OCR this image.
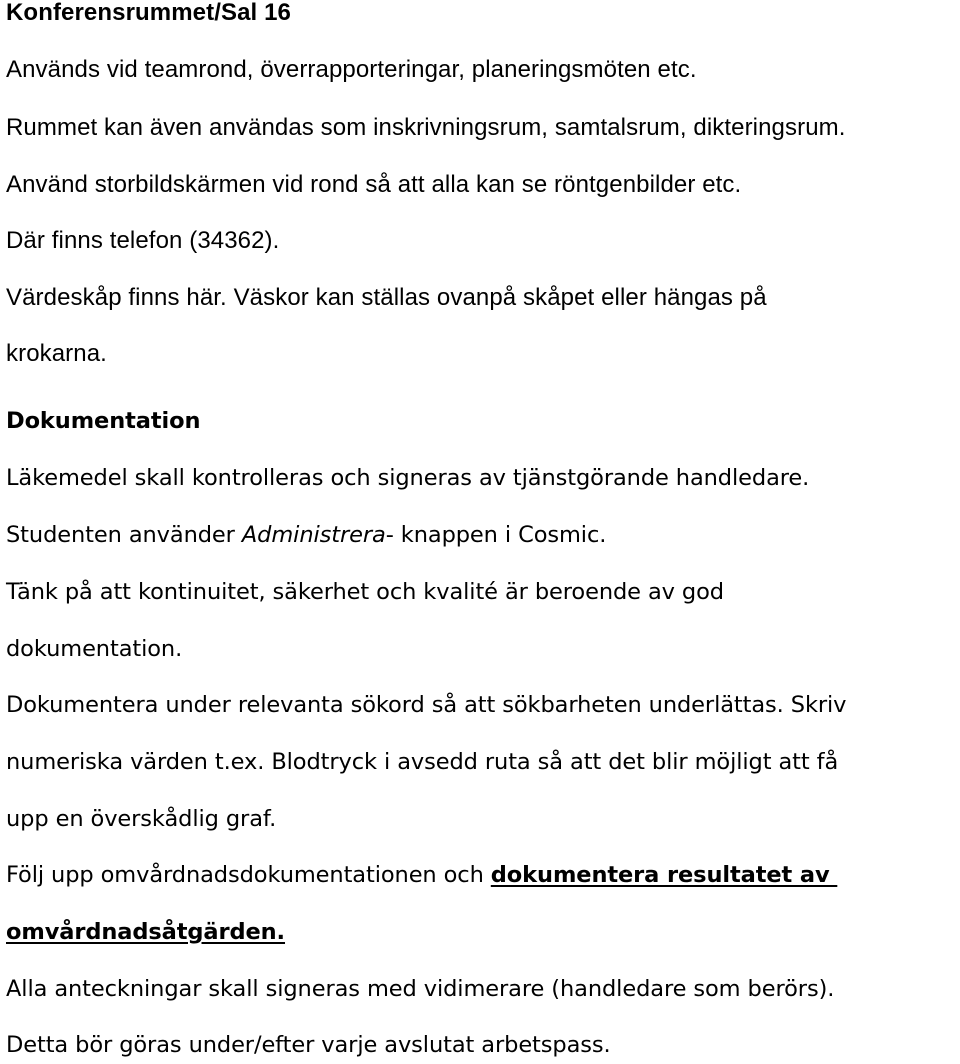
Konferensrummet/Sal 16
Används vid teamrond, överrapporteringar, planeringsmöten etc.
Rummet kan även användas som inskrivningsrum, samtalsrum, dikteringsrum.
Använd storbildskärmen vid rond så att alla kan se röntgenbilder etc.
Där finns telefon (34362).
Värdeskåp finns här. Väskor kan ställas ovanpå skåpet eller hängas på
krokarna.
Dokumentation
Läkemedel skall kontrolleras och signeras av tjänstgörande handledare.
Studenten använder Administrera- knappen i Cosmic.
Tänk på att kontinuitet, säkerhet och kvalité är beroende av god
dokumentation.
Dokumentera under relevanta sökord så att sökbarheten underlättas. Skriv
numeriska värden t.ex. Blodtryck i avsedd ruta så att det blir möjligt att få
upp en överskådlig graf.
Följ upp omvårdnadsdokumentationen och dokumentera resultatet av
omvårdnadsåtgärden.
Alla anteckningar skall signeras med vidimerare (handledare som berörs).
Detta bör göras under/efter varje avslutat arbetspass.
